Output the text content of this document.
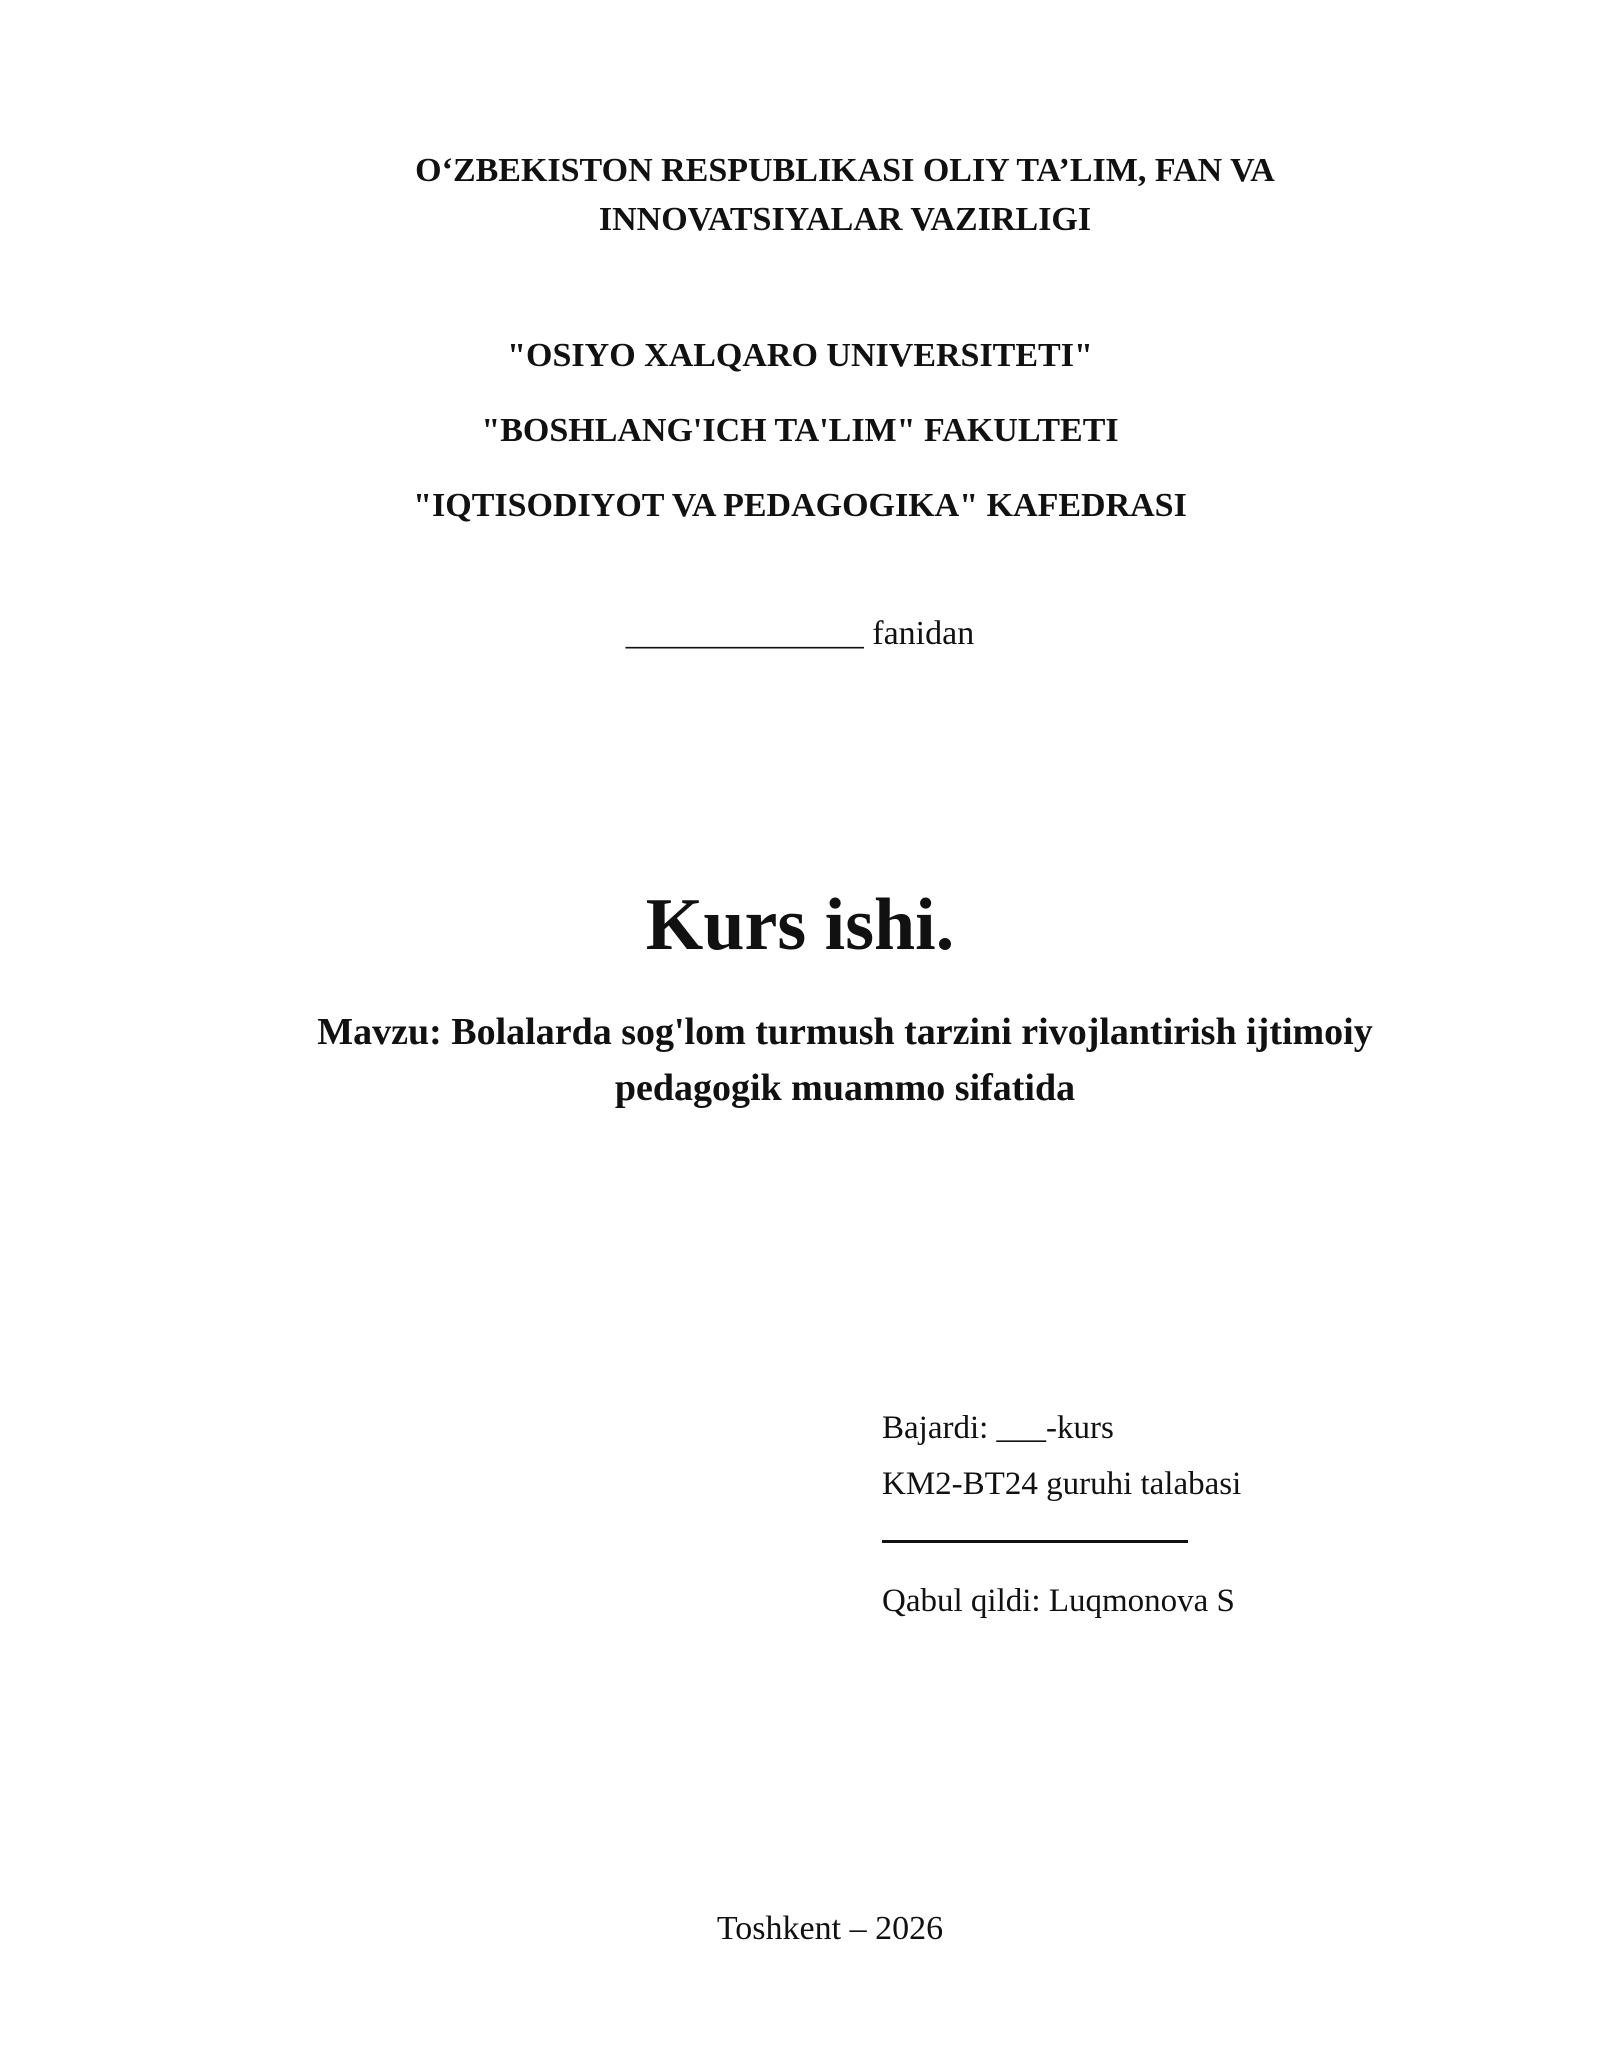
O‘ZBEKISTON RESPUBLIKASI OLIY TA’LIM, FAN VA
INNOVATSIYALAR VAZIRLIGI
"OSIYO XALQARO UNIVERSITETI"
"BOSHLANG'ICH TA'LIM" FAKULTETI
"IQTISODIYOT VA PEDAGOGIKA" KAFEDRASI
______________ fanidan
Kurs ishi.
Mavzu: Bolalarda sog'lom turmush tarzini rivojlantirish ijtimoiy
pedagogik muammo sifatida
Bajardi: ___-kurs
KM2-BT24 guruhi talabasi
Qabul qildi: Luqmonova S
Toshkent – 2026
